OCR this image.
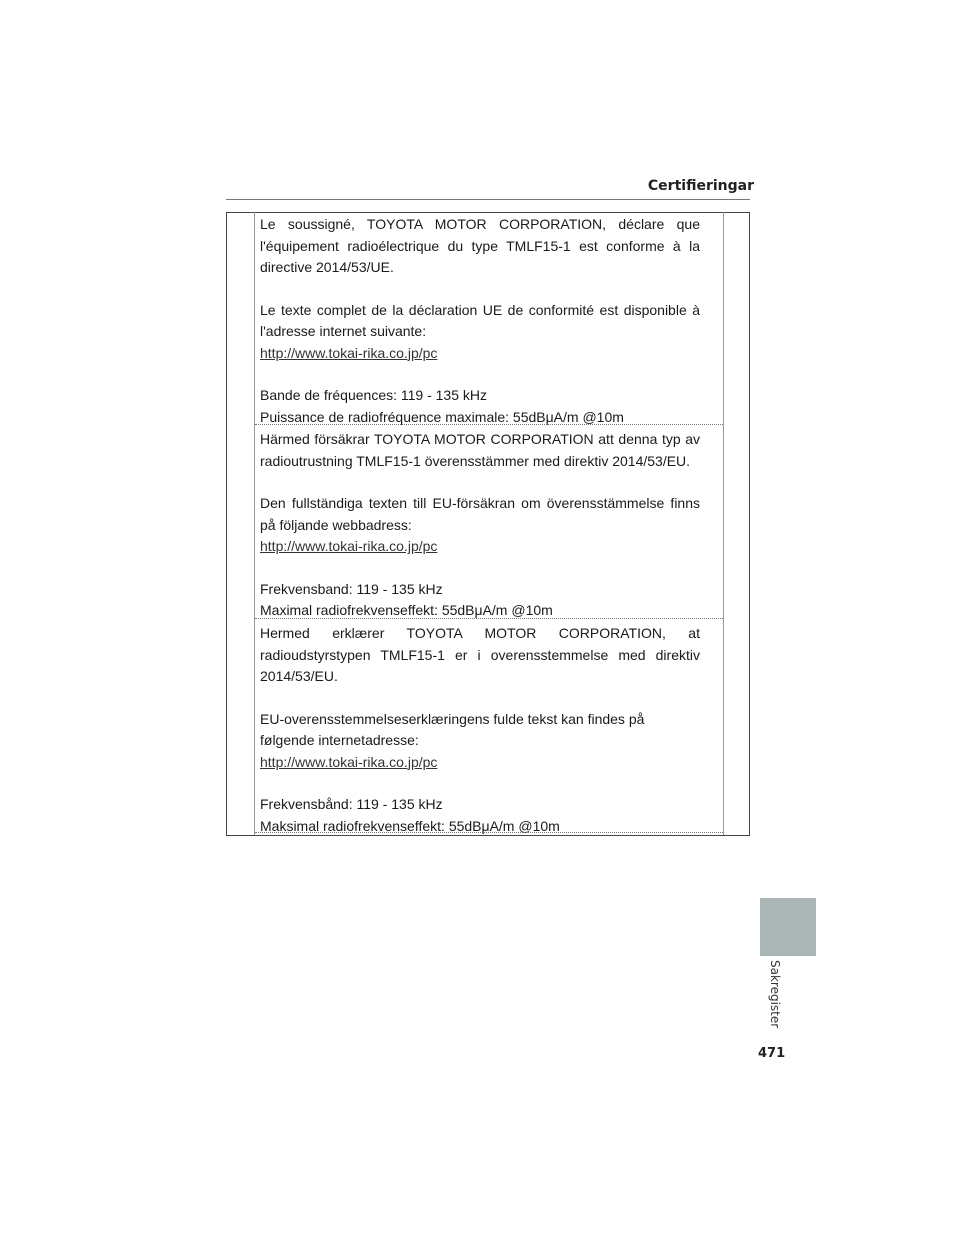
Certifieringar

Le soussigné, TOYOTA MOTOR CORPORATION, déclare que
l'équipement radioélectrique du type TMLF15-1 est conforme à la
directive 2014/53/UE.

Le texte complet de la déclaration UE de conformité est disponible à
l'adresse internet suivante:
http://www.tokai-rika.co.jp/pc

Bande de fréquences: 119 - 135 kHz
Puissance de radiofréquence maximale: 55dBμA/m @10m

Härmed försäkrar TOYOTA MOTOR CORPORATION att denna typ av
radioutrustning TMLF15-1 överensstämmer med direktiv 2014/53/EU.

Den fullständiga texten till EU-försäkran om överensstämmelse finns
på följande webbadress:
http://www.tokai-rika.co.jp/pc

Frekvensband: 119 - 135 kHz
Maximal radiofrekvenseffekt: 55dBμA/m @10m

Hermed erklærer TOYOTA MOTOR CORPORATION, at
radioudstyrstypen TMLF15-1 er i overensstemmelse med direktiv
2014/53/EU.

EU-overensstemmelseserklæringens fulde tekst kan findes på
følgende internetadresse:
http://www.tokai-rika.co.jp/pc

Frekvensbånd: 119 - 135 kHz
Maksimal radiofrekvenseffekt: 55dBμA/m @10m

Sakregister
471
